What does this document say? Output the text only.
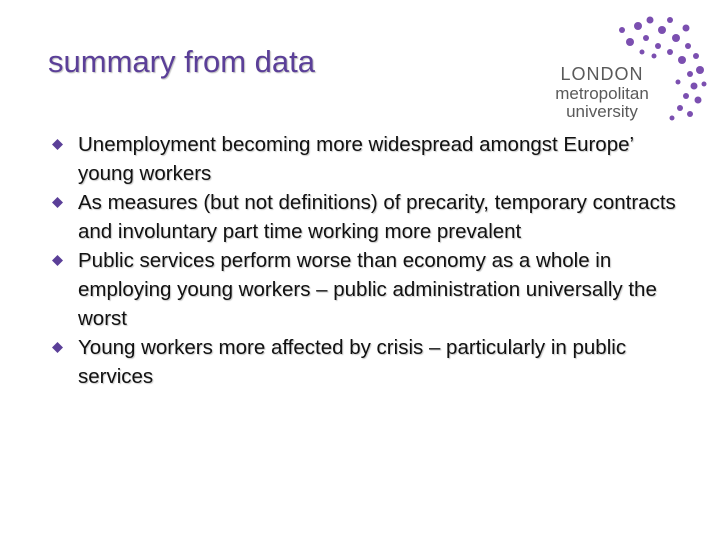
summary from data	LONDON
metropolitan
university
Unemployment becoming more widespread amongst Europe’ young workers
As measures (but not definitions) of precarity, temporary contracts and involuntary part time working more prevalent
Public services perform worse than economy as a whole in employing young workers – public administration universally the worst
Young workers more affected by crisis – particularly in public services
